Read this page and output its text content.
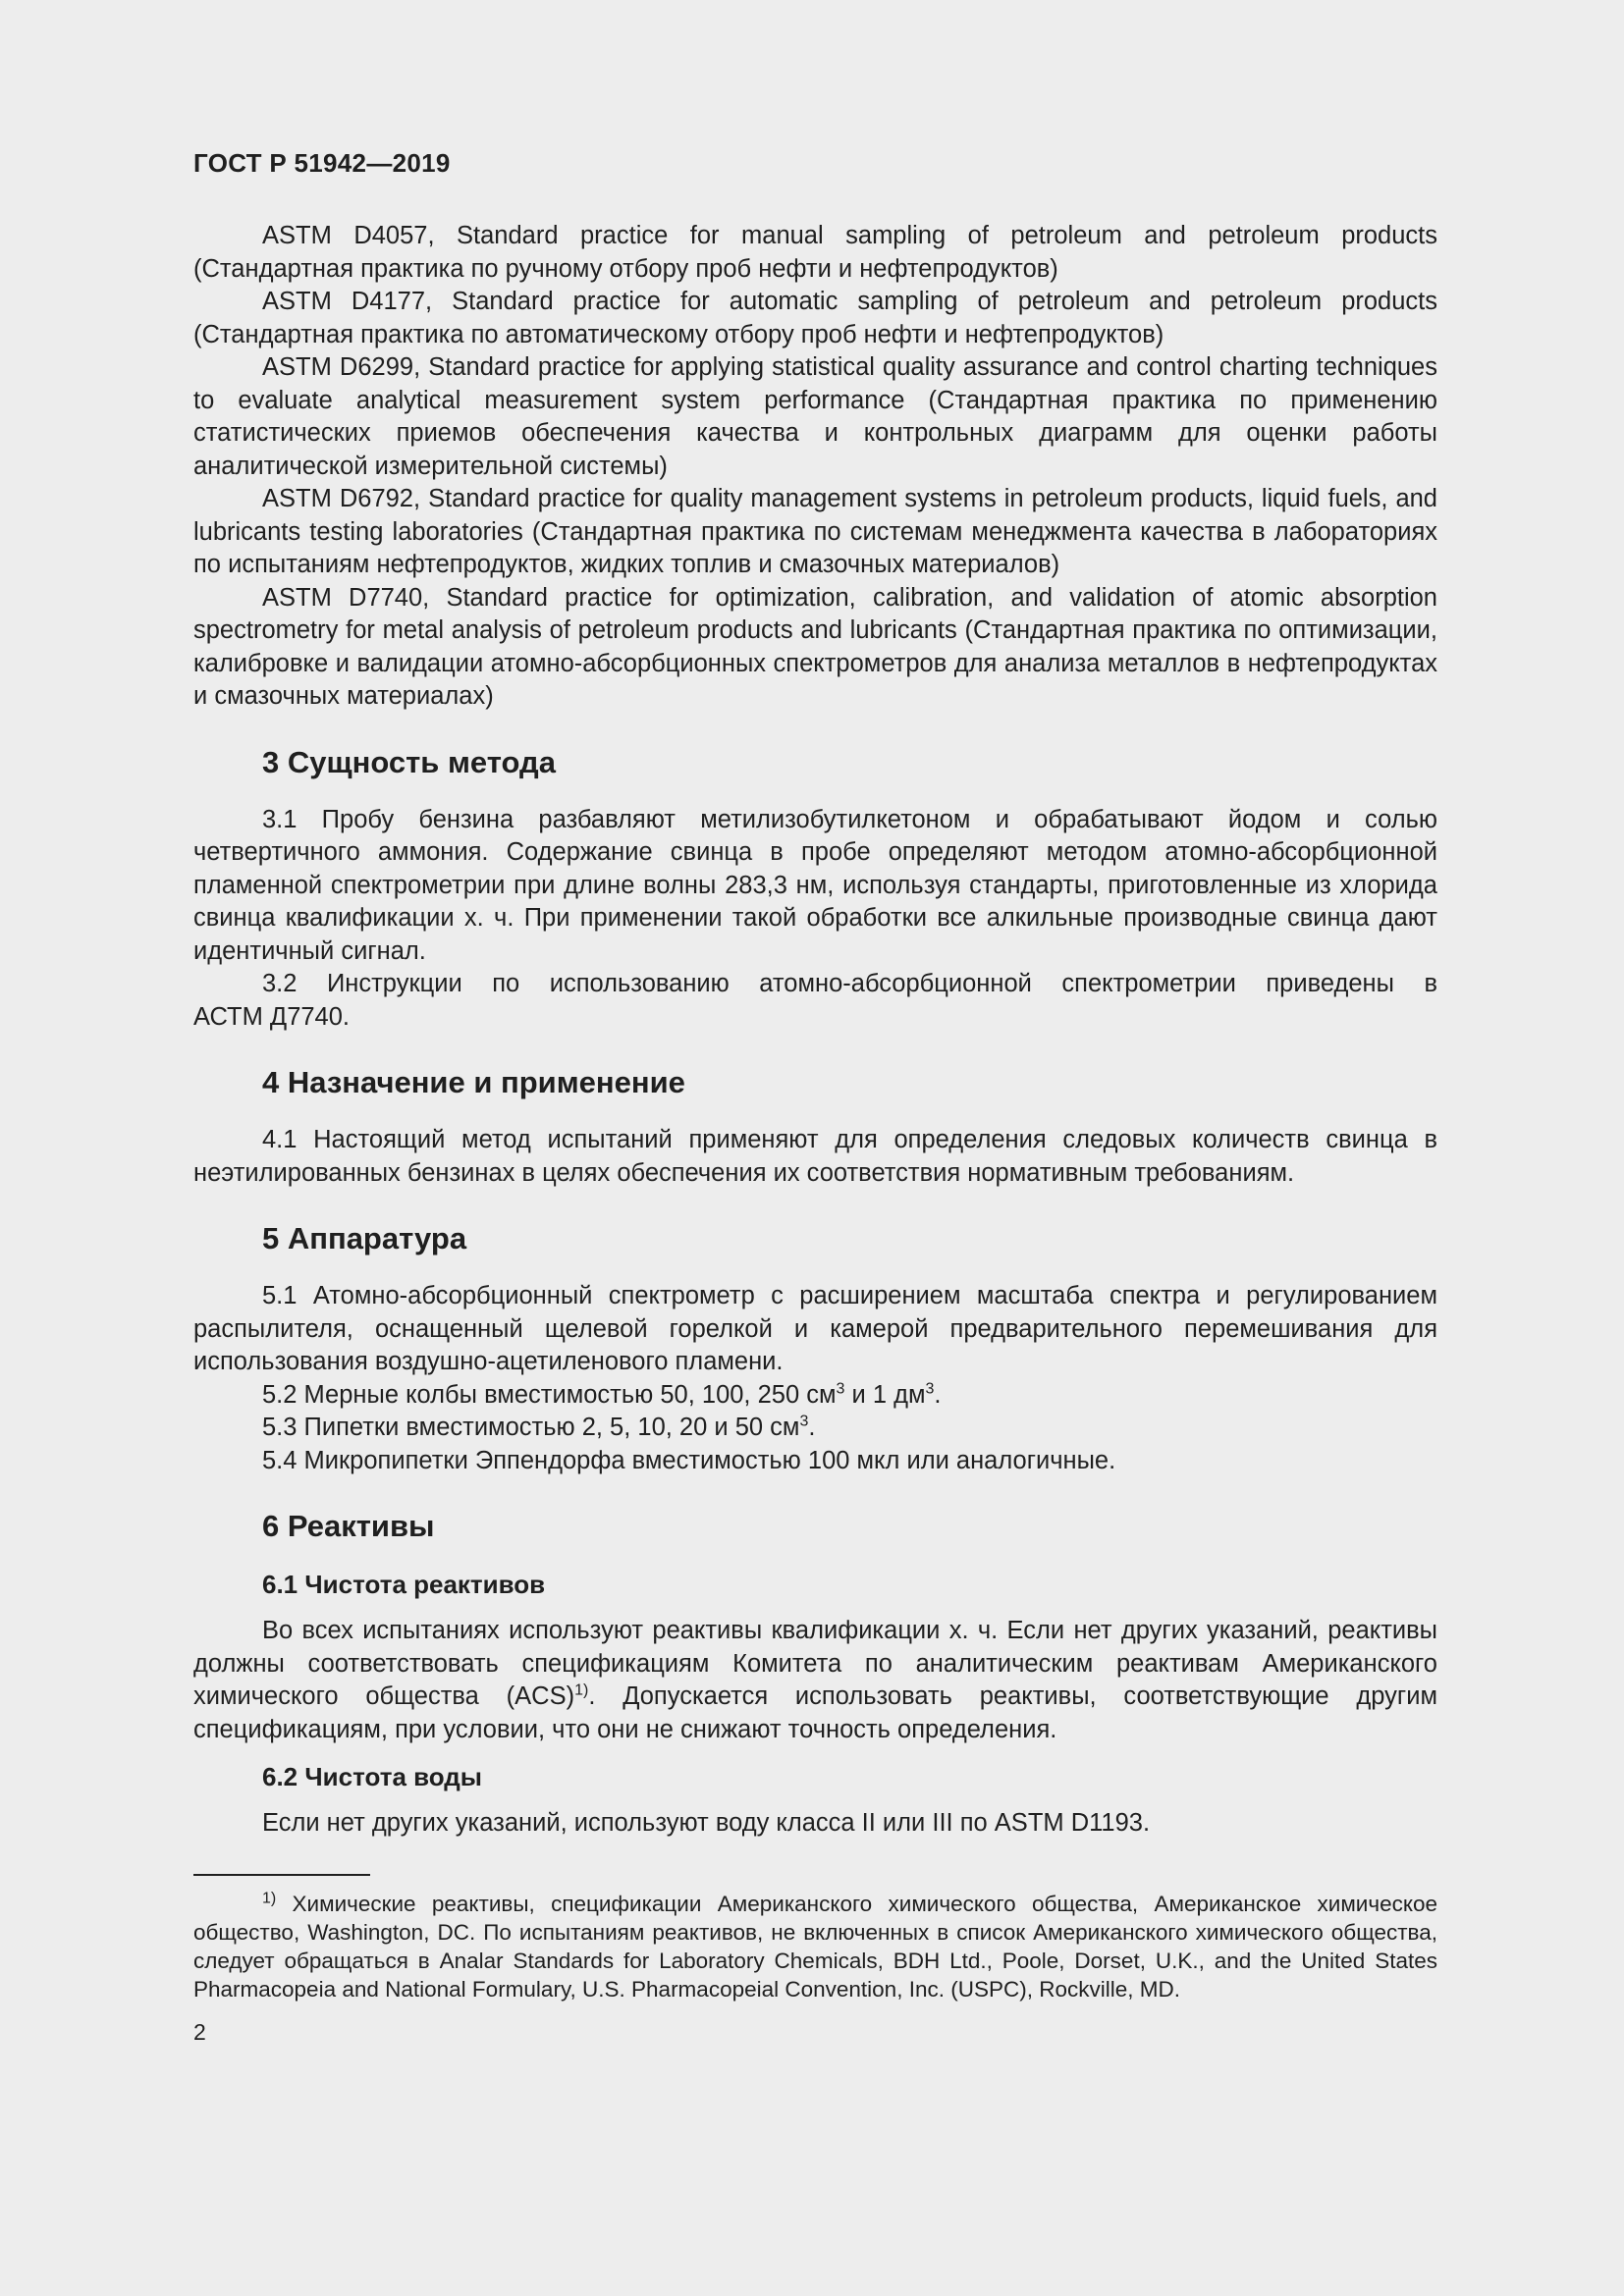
ГОСТ Р 51942—2019

ASTM D4057, Standard practice for manual sampling of petroleum and petroleum products (Стандартная практика по ручному отбору проб нефти и нефтепродуктов)

ASTM D4177, Standard practice for automatic sampling of petroleum and petroleum products (Стандартная практика по автоматическому отбору проб нефти и нефтепродуктов)

ASTM D6299, Standard practice for applying statistical quality assurance and control charting techniques to evaluate analytical measurement system performance (Стандартная практика по применению статистических приемов обеспечения качества и контрольных диаграмм для оценки работы аналитической измерительной системы)

ASTM D6792, Standard practice for quality management systems in petroleum products, liquid fuels, and lubricants testing laboratories (Стандартная практика по системам менеджмента качества в лабораториях по испытаниям нефтепродуктов, жидких топлив и смазочных материалов)

ASTM D7740, Standard practice for optimization, calibration, and validation of atomic absorption spectrometry for metal analysis of petroleum products and lubricants (Стандартная практика по оптимизации, калибровке и валидации атомно-абсорбционных спектрометров для анализа металлов в нефтепродуктах и смазочных материалах)

3 Сущность метода

3.1 Пробу бензина разбавляют метилизобутилкетоном и обрабатывают йодом и солью четвертичного аммония. Содержание свинца в пробе определяют методом атомно-абсорбционной пламенной спектрометрии при длине волны 283,3 нм, используя стандарты, приготовленные из хлорида свинца квалификации х. ч. При применении такой обработки все алкильные производные свинца дают идентичный сигнал.

3.2 Инструкции по использованию атомно-абсорбционной спектрометрии приведены в

АСТМ Д7740.

4 Назначение и применение

4.1 Настоящий метод испытаний применяют для определения следовых количеств свинца в неэтилированных бензинах в целях обеспечения их соответствия нормативным требованиям.

5 Аппаратура

5.1 Атомно-абсорбционный спектрометр с расширением масштаба спектра и регулированием распылителя, оснащенный щелевой горелкой и камерой предварительного перемешивания для использования воздушно-ацетиленового пламени.

5.2 Мерные колбы вместимостью 50, 100, 250 $см^3$ и 1 $дм^3$.

5.3 Пипетки вместимостью 2, 5, 10, 20 и 50 $см^3$.

5.4 Микропипетки Эппендорфа вместимостью 100 мкл или аналогичные.

6 Реактивы
6.1 Чистота реактивов

Во всех испытаниях используют реактивы квалификации х. ч. Если нет других указаний, реактивы должны соответствовать спецификациям Комитета по аналитическим реактивам Американского химического общества (ACS)$^{1)}$. Допускается использовать реактивы, соответствующие другим спецификациям, при условии, что они не снижают точность определения.

6.2 Чистота воды

Если нет других указаний, используют воду класса II или III по ASTM D1193.

$^{1)}$ Химические реактивы, спецификации Американского химического общества, Американское химическое общество, Washington, DC. По испытаниям реактивов, не включенных в список Американского химического общества, следует обращаться в Analar Standards for Laboratory Chemicals, BDH Ltd., Poole, Dorset, U.K., and the United States Pharmacopeia and National Formulary, U.S. Pharmacopeial Convention, Inc. (USPC), Rockville, MD.

2
